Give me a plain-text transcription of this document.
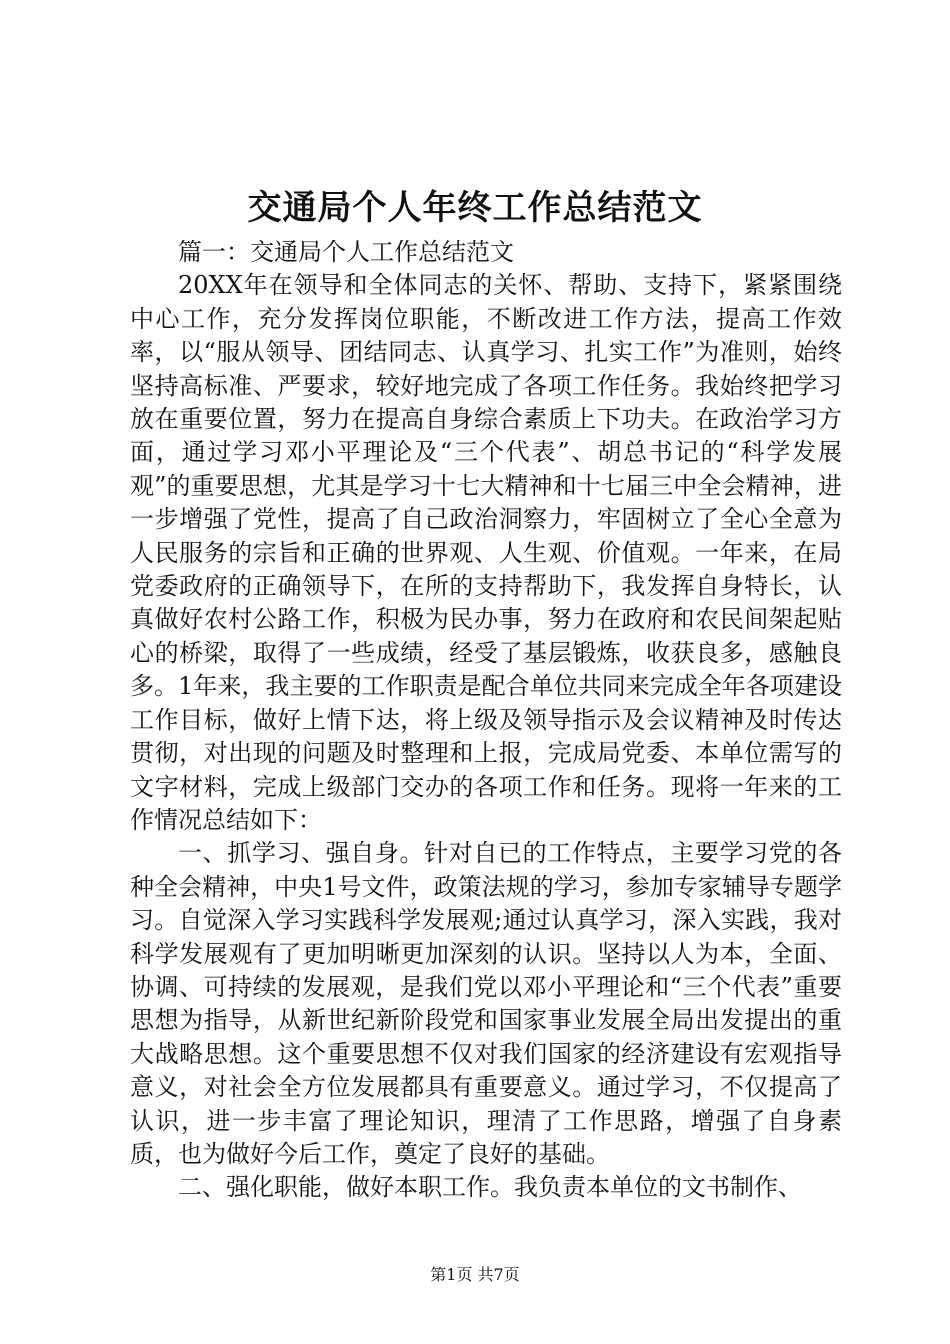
交通局个人年终工作总结范文

篇一：交通局个人工作总结范文

20XX年在领导和全体同志的关怀、帮助、支持下，紧紧围绕中心工作，充分发挥岗位职能，不断改进工作方法，提高工作效率，以“服从领导、团结同志、认真学习、扎实工作”为准则，始终坚持高标准、严要求，较好地完成了各项工作任务。我始终把学习放在重要位置，努力在提高自身综合素质上下功夫。在政治学习方面，通过学习邓小平理论及“三个代表”、胡总书记的“科学发展观”的重要思想，尤其是学习十七大精神和十七届三中全会精神，进一步增强了党性，提高了自己政治洞察力，牢固树立了全心全意为人民服务的宗旨和正确的世界观、人生观、价值观。一年来，在局党委政府的正确领导下，在所的支持帮助下，我发挥自身特长，认真做好农村公路工作，积极为民办事，努力在政府和农民间架起贴心的桥梁，取得了一些成绩，经受了基层锻炼，收获良多，感触良多。1年来，我主要的工作职责是配合单位共同来完成全年各项建设工作目标，做好上情下达，将上级及领导指示及会议精神及时传达贯彻，对出现的问题及时整理和上报，完成局党委、本单位需写的文字材料，完成上级部门交办的各项工作和任务。现将一年来的工作情况总结如下：

一、抓学习、强自身。针对自已的工作特点，主要学习党的各种全会精神，中央1号文件，政策法规的学习，参加专家辅导专题学习。自觉深入学习实践科学发展观;通过认真学习，深入实践，我对科学发展观有了更加明晰更加深刻的认识。坚持以人为本，全面、协调、可持续的发展观，是我们党以邓小平理论和“三个代表”重要思想为指导，从新世纪新阶段党和国家事业发展全局出发提出的重大战略思想。这个重要思想不仅对我们国家的经济建设有宏观指导意义，对社会全方位发展都具有重要意义。通过学习，不仅提高了认识，进一步丰富了理论知识，理清了工作思路，增强了自身素质，也为做好今后工作，奠定了良好的基础。

二、强化职能，做好本职工作。我负责本单位的文书制作、

第1页 共7页
